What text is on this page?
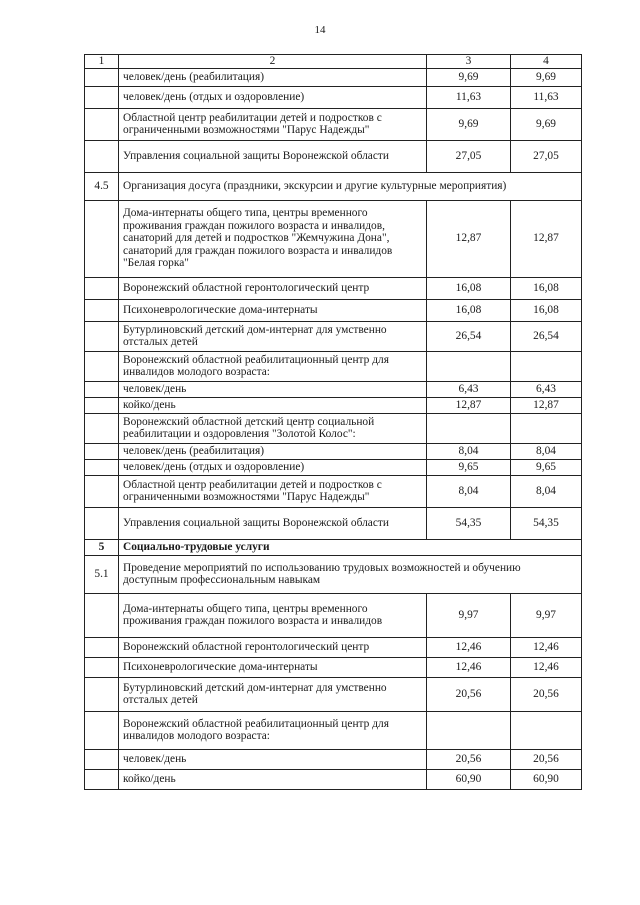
14
1	2	3	4
	человек/день (реабилитация)	9,69	9,69
	человек/день (отдых и оздоровление)	11,63	11,63
	Областной центр реабилитации детей и подростков с ограниченными возможностями "Парус Надежды"	9,69	9,69
	Управления социальной защиты Воронежской области	27,05	27,05
4.5	Организация досуга (праздники, экскурсии и другие культурные мероприятия)		
	Дома-интернаты общего типа, центры временного проживания граждан пожилого возраста и инвалидов, санаторий для детей и подростков "Жемчужина Дона", санаторий для граждан пожилого возраста и инвалидов "Белая горка"	12,87	12,87
	Воронежский областной геронтологический центр	16,08	16,08
	Психоневрологические дома-интернаты	16,08	16,08
	Бутурлиновский детский дом-интернат для умственно отсталых детей	26,54	26,54
	Воронежский областной реабилитационный центр для инвалидов молодого возраста:		
	человек/день	6,43	6,43
	койко/день	12,87	12,87
	Воронежский областной детский центр социальной реабилитации и оздоровления "Золотой Колос":		
	человек/день (реабилитация)	8,04	8,04
	человек/день (отдых и оздоровление)	9,65	9,65
	Областной центр реабилитации детей и подростков с ограниченными возможностями "Парус Надежды"	8,04	8,04
	Управления социальной защиты Воронежской области	54,35	54,35
5	Социально-трудовые услуги		
5.1	Проведение мероприятий по использованию трудовых возможностей и обучению доступным профессиональным навыкам		
	Дома-интернаты общего типа, центры временного проживания граждан пожилого возраста и инвалидов	9,97	9,97
	Воронежский областной геронтологический центр	12,46	12,46
	Психоневрологические дома-интернаты	12,46	12,46
	Бутурлиновский детский дом-интернат для умственно отсталых детей	20,56	20,56
	Воронежский областной реабилитационный центр для инвалидов молодого возраста:		
	человек/день	20,56	20,56
	койко/день	60,90	60,90
